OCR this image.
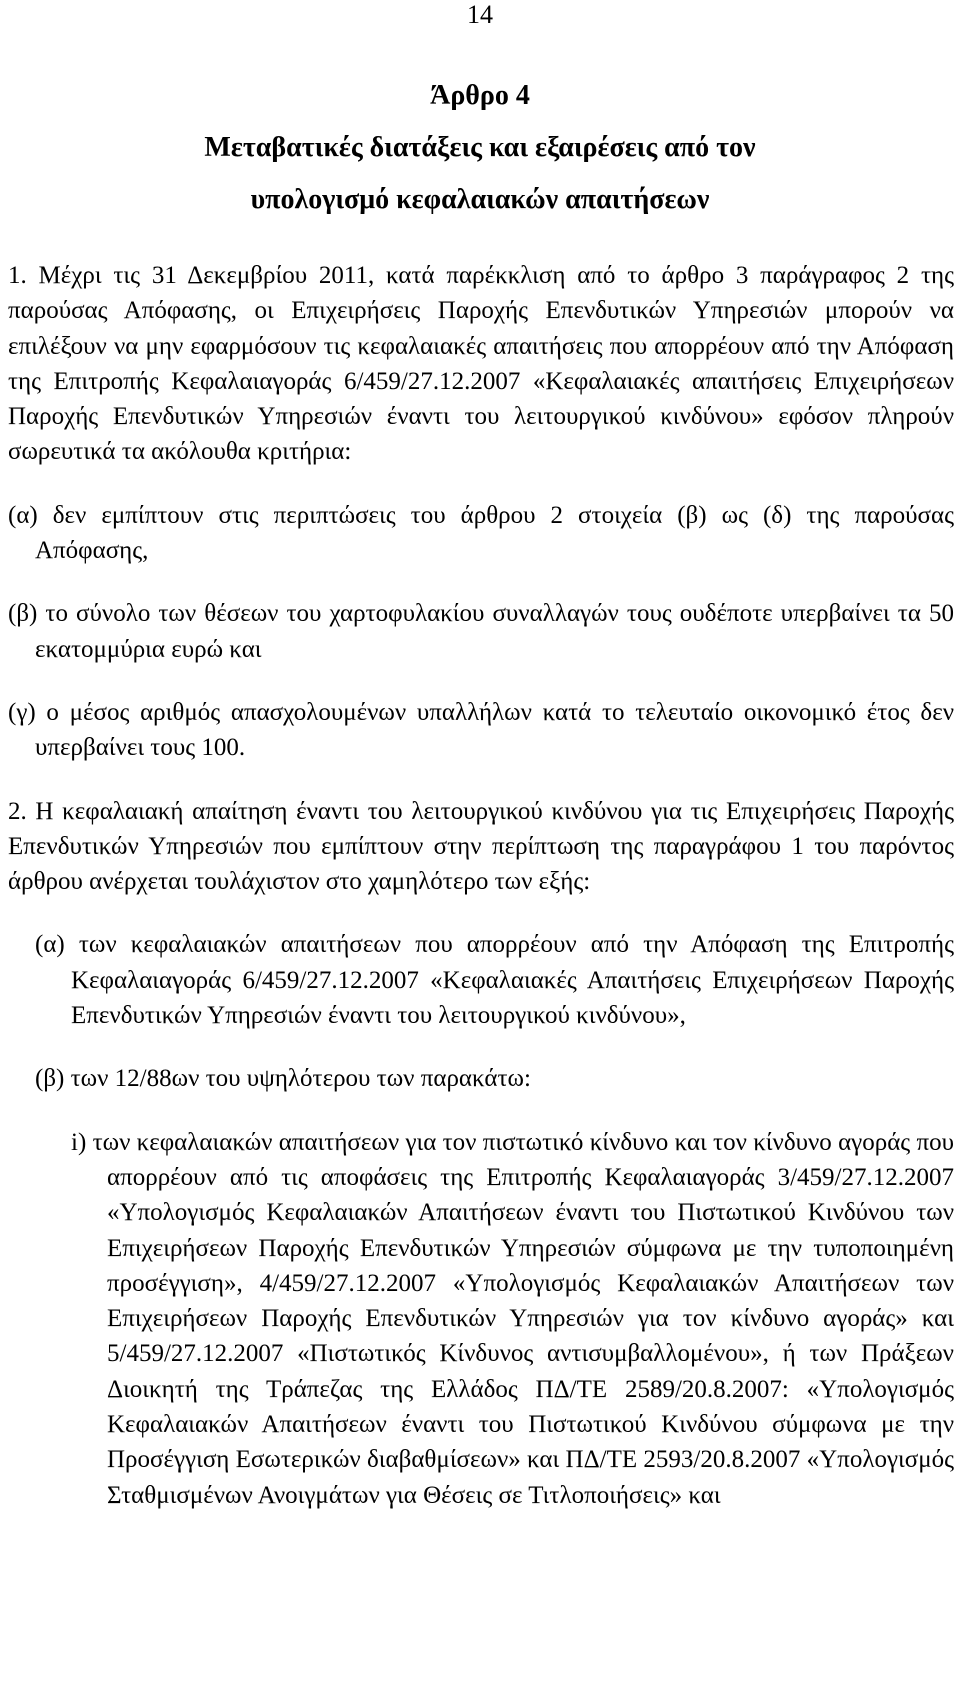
14
Άρθρο 4
Μεταβατικές διατάξεις και εξαιρέσεις από τον
υπολογισμό κεφαλαιακών απαιτήσεων

1. Μέχρι τις 31 Δεκεμβρίου 2011, κατά παρέκκλιση από το άρθρο 3 παράγραφος 2 της παρούσας Απόφασης, οι Επιχειρήσεις Παροχής Επενδυτικών Υπηρεσιών μπορούν να επιλέξουν να μην εφαρμόσουν τις κεφαλαιακές απαιτήσεις που απορρέουν από την Απόφαση της Επιτροπής Κεφαλαιαγοράς 6/459/27.12.2007 «Κεφαλαιακές απαιτήσεις Επιχειρήσεων Παροχής Επενδυτικών Υπηρεσιών έναντι του λειτουργικού κινδύνου» εφόσον πληρούν σωρευτικά τα ακόλουθα κριτήρια:

(α) δεν εμπίπτουν στις περιπτώσεις του άρθρου 2 στοιχεία (β) ως (δ) της παρούσας Απόφασης,

(β) το σύνολο των θέσεων του χαρτοφυλακίου συναλλαγών τους ουδέποτε υπερβαίνει τα 50 εκατομμύρια ευρώ και

(γ) ο μέσος αριθμός απασχολουμένων υπαλλήλων κατά το τελευταίο οικονομικό έτος δεν υπερβαίνει τους 100.

2. Η κεφαλαιακή απαίτηση έναντι του λειτουργικού κινδύνου για τις Επιχειρήσεις Παροχής Επενδυτικών Υπηρεσιών που εμπίπτουν στην περίπτωση της παραγράφου 1 του παρόντος άρθρου ανέρχεται τουλάχιστον στο χαμηλότερο των εξής:

(α) των κεφαλαιακών απαιτήσεων που απορρέουν από την Απόφαση της Επιτροπής Κεφαλαιαγοράς 6/459/27.12.2007 «Κεφαλαιακές Απαιτήσεις Επιχειρήσεων Παροχής Επενδυτικών Υπηρεσιών έναντι του λειτουργικού κινδύνου»,

(β) των 12/88ων του υψηλότερου των παρακάτω:

i) των κεφαλαιακών απαιτήσεων για τον πιστωτικό κίνδυνο και τον κίνδυνο αγοράς που απορρέουν από τις αποφάσεις της Επιτροπής Κεφαλαιαγοράς 3/459/27.12.2007 «Υπολογισμός Κεφαλαιακών Απαιτήσεων έναντι του Πιστωτικού Κινδύνου των Επιχειρήσεων Παροχής Επενδυτικών Υπηρεσιών σύμφωνα με την τυποποιημένη προσέγγιση», 4/459/27.12.2007 «Υπολογισμός Κεφαλαιακών Απαιτήσεων των Επιχειρήσεων Παροχής Επενδυτικών Υπηρεσιών για τον κίνδυνο αγοράς» και 5/459/27.12.2007 «Πιστωτικός Κίνδυνος αντισυμβαλλομένου», ή των Πράξεων Διοικητή της Τράπεζας της Ελλάδος ΠΔ/ΤΕ 2589/20.8.2007: «Υπολογισμός Κεφαλαιακών Απαιτήσεων έναντι του Πιστωτικού Κινδύνου σύμφωνα με την Προσέγγιση Εσωτερικών διαβαθμίσεων» και ΠΔ/ΤΕ 2593/20.8.2007 «Υπολογισμός Σταθμισμένων Ανοιγμάτων για Θέσεις σε Τιτλοποιήσεις» και
